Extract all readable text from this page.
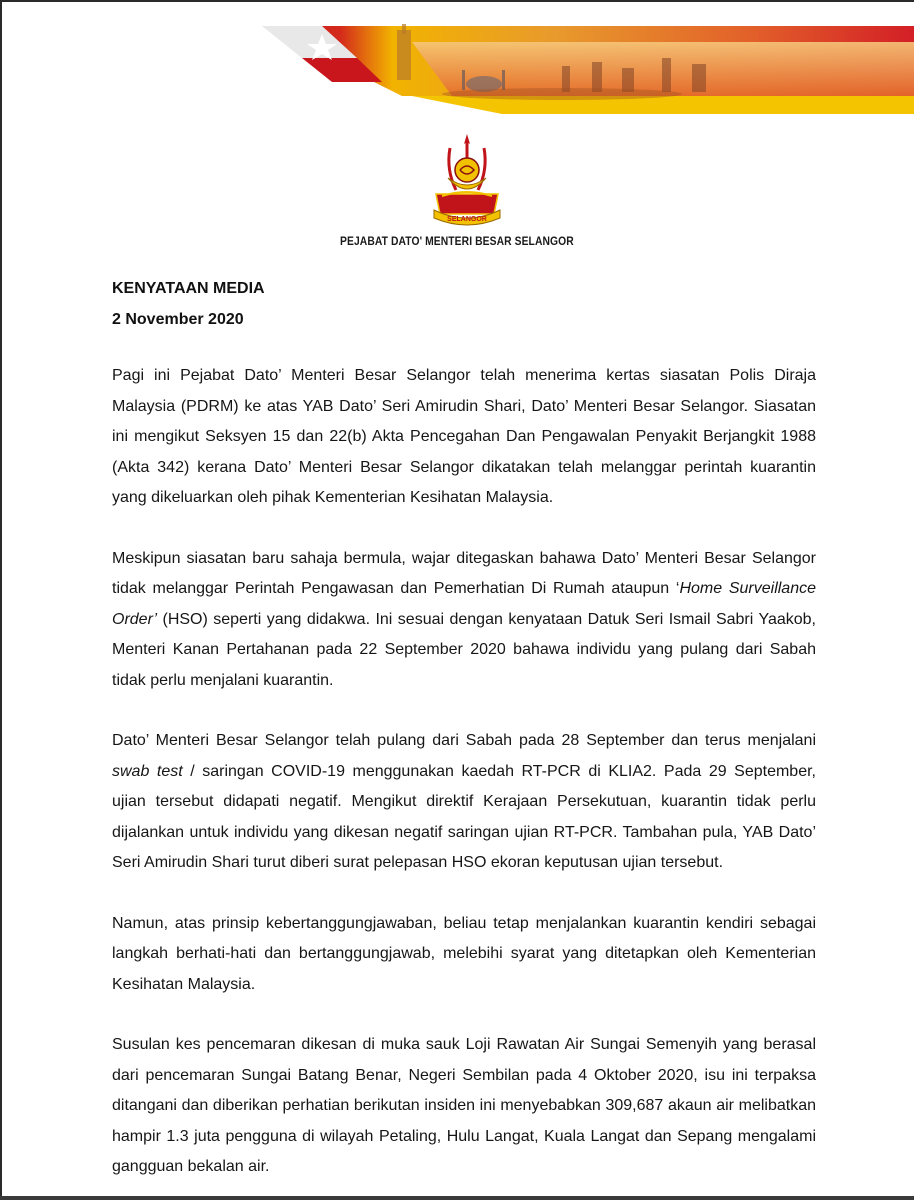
SELANGOR
PEJABAT DATO' MENTERI BESAR SELANGOR
KENYATAAN MEDIA
2 November 2020

Pagi ini Pejabat Dato’ Menteri Besar Selangor telah menerima kertas siasatan Polis Diraja Malaysia (PDRM) ke atas YAB Dato’ Seri Amirudin Shari, Dato’ Menteri Besar Selangor. Siasatan ini mengikut Seksyen 15 dan 22(b) Akta Pencegahan Dan Pengawalan Penyakit Berjangkit 1988 (Akta 342) kerana Dato’ Menteri Besar Selangor dikatakan telah melanggar perintah kuarantin yang dikeluarkan oleh pihak Kementerian Kesihatan Malaysia.

Meskipun siasatan baru sahaja bermula, wajar ditegaskan bahawa Dato’ Menteri Besar Selangor tidak melanggar Perintah Pengawasan dan Pemerhatian Di Rumah ataupun ‘Home Surveillance Order’ (HSO) seperti yang didakwa. Ini sesuai dengan kenyataan Datuk Seri Ismail Sabri Yaakob, Menteri Kanan Pertahanan pada 22 September 2020 bahawa individu yang pulang dari Sabah tidak perlu menjalani kuarantin.

Dato’ Menteri Besar Selangor telah pulang dari Sabah pada 28 September dan terus menjalani swab test / saringan COVID-19 menggunakan kaedah RT-PCR di KLIA2. Pada 29 September, ujian tersebut didapati negatif. Mengikut direktif Kerajaan Persekutuan, kuarantin tidak perlu dijalankan untuk individu yang dikesan negatif saringan ujian RT-PCR. Tambahan pula, YAB Dato’ Seri Amirudin Shari turut diberi surat pelepasan HSO ekoran keputusan ujian tersebut.

Namun, atas prinsip kebertanggungjawaban, beliau tetap menjalankan kuarantin kendiri sebagai langkah berhati-hati dan bertanggungjawab, melebihi syarat yang ditetapkan oleh Kementerian Kesihatan Malaysia.

Susulan kes pencemaran dikesan di muka sauk Loji Rawatan Air Sungai Semenyih yang berasal dari pencemaran Sungai Batang Benar, Negeri Sembilan pada 4 Oktober 2020, isu ini terpaksa ditangani dan diberikan perhatian berikutan insiden ini menyebabkan 309,687 akaun air melibatkan hampir 1.3 juta pengguna di wilayah Petaling, Hulu Langat, Kuala Langat dan Sepang mengalami gangguan bekalan air.
